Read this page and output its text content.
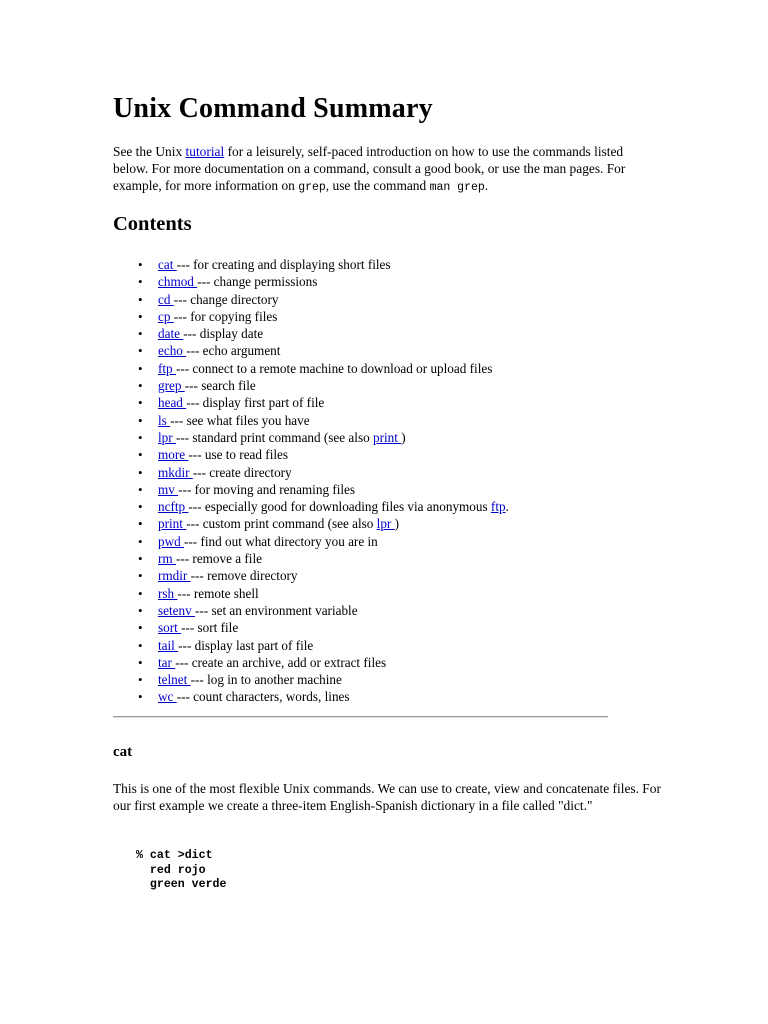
Unix Command Summary

See the Unix tutorial for a leisurely, self-paced introduction on how to use the commands listed below. For more documentation on a command, consult a good book, or use the man pages. For example, for more information on grep, use the command man grep.

Contents
• cat --- for creating and displaying short files
• chmod --- change permissions
• cd --- change directory
• cp --- for copying files
• date --- display date
• echo --- echo argument
• ftp --- connect to a remote machine to download or upload files
• grep --- search file
• head --- display first part of file
• ls --- see what files you have
• lpr --- standard print command (see also print )
• more --- use to read files
• mkdir --- create directory
• mv --- for moving and renaming files
• ncftp --- especially good for downloading files via anonymous ftp.
• print --- custom print command (see also lpr )
• pwd --- find out what directory you are in
• rm --- remove a file
• rmdir --- remove directory
• rsh --- remote shell
• setenv --- set an environment variable
• sort --- sort file
• tail --- display last part of file
• tar --- create an archive, add or extract files
• telnet --- log in to another machine
• wc --- count characters, words, lines
cat

This is one of the most flexible Unix commands. We can use to create, view and concatenate files. For our first example we create a three-item English-Spanish dictionary in a file called "dict."

% cat >dict
red rojo
green verde
